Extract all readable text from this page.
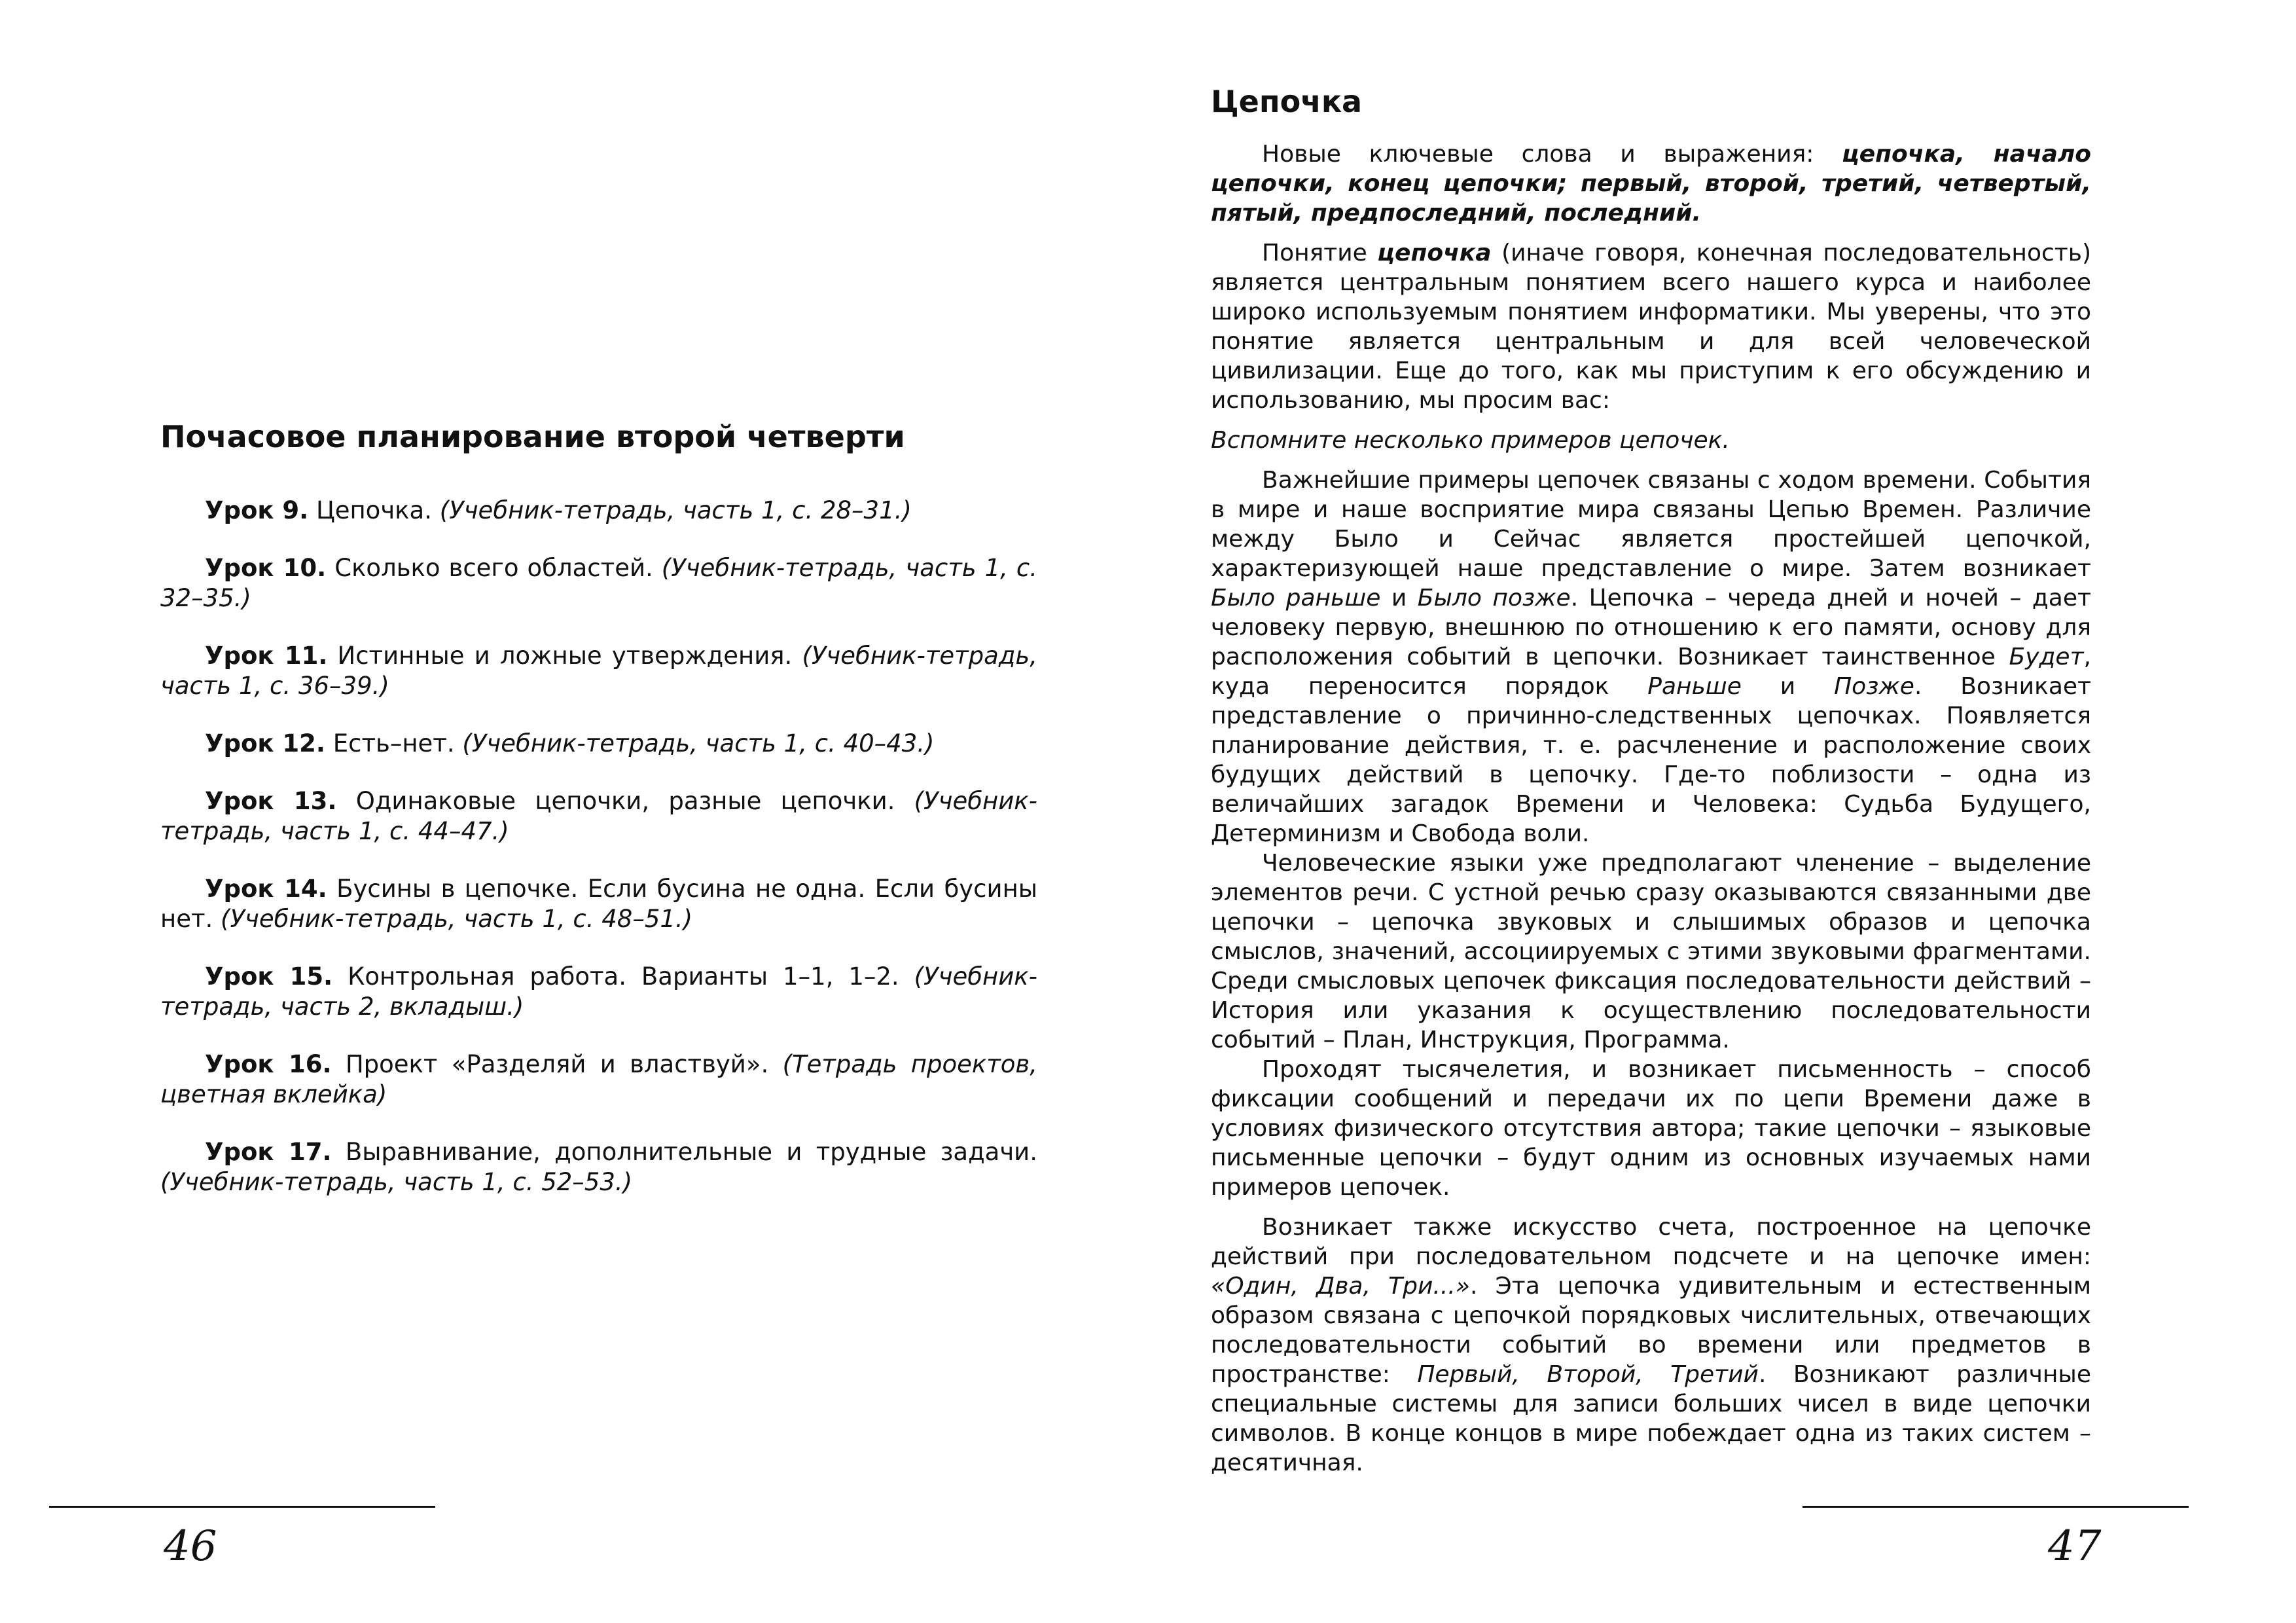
Почасовое планирование второй четверти

Урок 9. Цепочка. (Учебник-тетрадь, часть 1, с. 28–31.)

Урок 10. Сколько всего областей. (Учебник-тетрадь, часть 1, с. 32–35.)

Урок 11. Истинные и ложные утверждения. (Учебник-тетрадь, часть 1, с. 36–39.)

Урок 12. Есть–нет. (Учебник-тетрадь, часть 1, с. 40–43.)

Урок 13. Одинаковые цепочки, разные цепочки. (Учебник-тетрадь, часть 1, с. 44–47.)

Урок 14. Бусины в цепочке. Если бусина не одна. Если бусины нет. (Учебник-тетрадь, часть 1, с. 48–51.)

Урок 15. Контрольная работа. Варианты 1–1, 1–2. (Учебник-тетрадь, часть 2, вкладыш.)

Урок 16. Проект «Разделяй и властвуй». (Тетрадь проектов, цветная вклейка)

Урок 17. Выравнивание, дополнительные и трудные задачи. (Учебник-тетрадь, часть 1, с. 52–53.)

46
Цепочка

Новые ключевые слова и выражения: цепочка, начало цепочки, конец цепочки; первый, второй, третий, четвертый, пятый, предпоследний, последний.

Понятие цепочка (иначе говоря, конечная последовательность) является центральным понятием всего нашего курса и наиболее широко используемым понятием информатики. Мы уверены, что это понятие является центральным и для всей человеческой цивилизации. Еще до того, как мы приступим к его обсуждению и использованию, мы просим вас:

Вспомните несколько примеров цепочек.

Важнейшие примеры цепочек связаны с ходом времени. События в мире и наше восприятие мира связаны Цепью Времен. Различие между Было и Сейчас является простейшей цепочкой, характеризующей наше представление о мире. Затем возникает Было раньше и Было позже. Цепочка – череда дней и ночей – дает человеку первую, внешнюю по отношению к его памяти, основу для расположения событий в цепочки. Возникает таинственное Будет, куда переносится порядок Раньше и Позже. Возникает представление о причинно-следственных цепочках. Появляется планирование действия, т. е. расчленение и расположение своих будущих действий в цепочку. Где-то поблизости – одна из величайших загадок Времени и Человека: Судьба Будущего, Детерминизм и Свобода воли.

Человеческие языки уже предполагают членение – выделение элементов речи. С устной речью сразу оказываются связанными две цепочки – цепочка звуковых и слышимых образов и цепочка смыслов, значений, ассоциируемых с этими звуковыми фрагментами. Среди смысловых цепочек фиксация последовательности действий – История или указания к осуществлению последовательности событий – План, Инструкция, Программа.

Проходят тысячелетия, и возникает письменность – способ фиксации сообщений и передачи их по цепи Времени даже в условиях физического отсутствия автора; такие цепочки – языковые письменные цепочки – будут одним из основных изучаемых нами примеров цепочек.

Возникает также искусство счета, построенное на цепочке действий при последовательном подсчете и на цепочке имен: «Один, Два, Три...». Эта цепочка удивительным и естественным образом связана с цепочкой порядковых числительных, отвечающих последовательности событий во времени или предметов в пространстве: Первый, Второй, Третий. Возникают различные специальные системы для записи больших чисел в виде цепочки символов. В конце концов в мире побеждает одна из таких систем – десятичная.

47
